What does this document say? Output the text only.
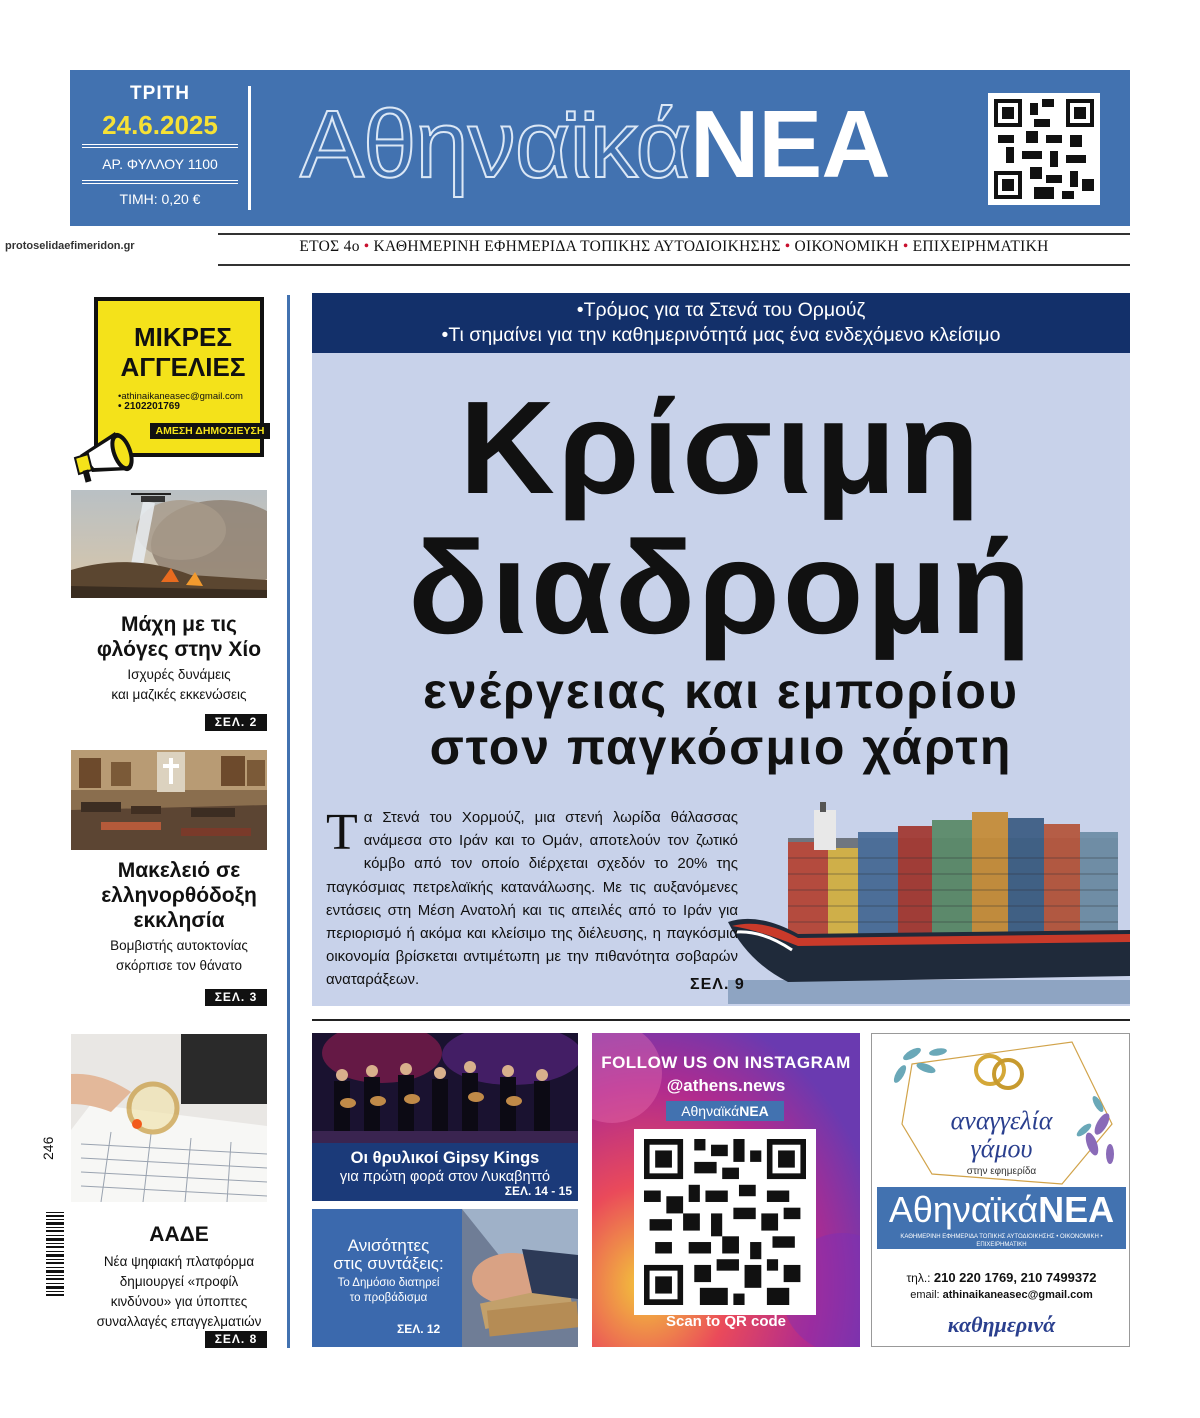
ΤΡΙΤΗ
24.6.2025
ΑΡ. ΦΥΛΛΟΥ 1100
ΤΙΜΗ: 0,20 €
ΑθηναϊκάΝΕΑ
protoselidaefimeridon.gr	ΕΤΟΣ 4ο • ΚΑΘΗΜΕΡΙΝΗ ΕΦΗΜΕΡΙΔΑ ΤΟΠΙΚΗΣ ΑΥΤΟΔΙΟΙΚΗΣΗΣ • ΟΙΚΟΝΟΜΙΚΗ • ΕΠΙΧΕΙΡΗΜΑΤΙΚΗ
ΜΙΚΡΕΣ
ΑΓΓΕΛΙΕΣ
•athinaikaneasec@gmail.com
• 2102201769
ΑΜΕΣΗ ΔΗΜΟΣΙΕΥΣΗ
Μάχη με τις
φλόγες στην Χίο
Ισχυρές δυνάμεις
και μαζικές εκκενώσεις
ΣΕΛ. 2
Μακελειό σε
ελληνορθόδοξη
εκκλησία
Βομβιστής αυτοκτονίας
σκόρπισε τον θάνατο
ΣΕΛ. 3
ΑΑΔΕ
Νέα ψηφιακή πλατφόρμα
δημιουργεί «προφίλ
κινδύνου» για ύποπτες
συναλλαγές επαγγελματιών
ΣΕΛ. 8
246
•Τρόμος για τα Στενά του Ορμούζ
•Τι σημαίνει για την καθημερινότητά μας ένα ενδεχόμενο κλείσιμο
Κρίσιμη
διαδρομή
ενέργειας και εμπορίου
στον παγκόσμιο χάρτη
Τα Στενά του Χορμούζ, μια στενή λωρίδα θάλασσας ανάμεσα στο Ιράν και το Ομάν, αποτελούν τον ζωτικό κόμβο από τον οποίο διέρχεται σχεδόν το 20% της παγκόσμιας πετρελαϊκής κατανάλωσης. Με τις αυξανόμενες εντάσεις στη Μέση Ανατολή και τις απειλές από το Ιράν για περιορισμό ή ακόμα και κλείσιμο της διέλευσης, η παγκόσμια οικονομία βρίσκεται αντιμέτωπη με την πιθανότητα σοβαρών αναταράξεων.	ΣΕΛ. 9
Οι θρυλικοί Gipsy Kings
για πρώτη φορά στον Λυκαβηττό
ΣΕΛ. 14 - 15
Ανισότητες
στις συντάξεις:
Το Δημόσιο διατηρεί
το προβάδισμα
ΣΕΛ. 12
FOLLOW US ON INSTAGRAM
@athens.news
ΑθηναϊκάΝΕΑ
Scan to QR code
αναγγελία
γάμου
στην εφημερίδα
ΑθηναϊκάΝΕΑ
ΚΑΘΗΜΕΡΙΝΗ ΕΦΗΜΕΡΙΔΑ ΤΟΠΙΚΗΣ ΑΥΤΟΔΙΟΙΚΗΣΗΣ • ΟΙΚΟΝΟΜΙΚΗ • ΕΠΙΧΕΙΡΗΜΑΤΙΚΗ
τηλ.: 210 220 1769, 210 7499372
email: athinaikaneasec@gmail.com
καθημερινά
